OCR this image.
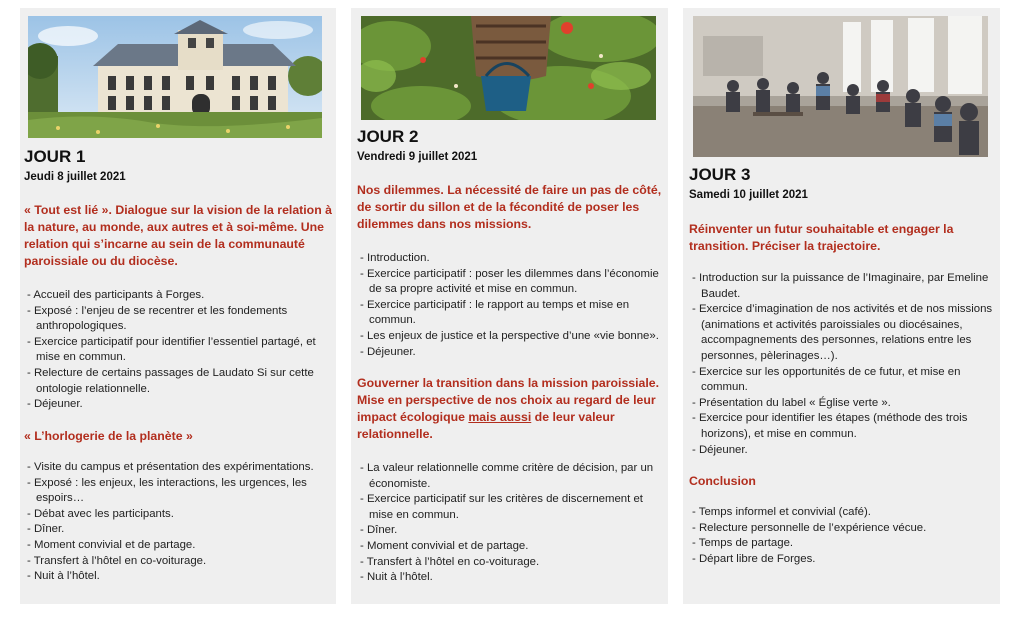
JOUR 1
Jeudi 8 juillet 2021
« Tout est lié ». Dialogue sur la vision de la relation à la nature, au monde, aux autres et à soi-même. Une relation qui s’incarne au sein de la communauté paroissiale ou du diocèse.
- Accueil des participants à Forges.
- Exposé : l’enjeu de se recentrer et les fondements anthropologiques.
- Exercice participatif pour identifier l’essentiel partagé, et mise en commun.
- Relecture de certains passages de Laudato Si sur cette ontologie relationnelle.
- Déjeuner.
« L’horlogerie de la planète »
- Visite du campus et présentation des expérimentations.
- Exposé : les enjeux, les interactions, les urgences, les espoirs…
- Débat avec les participants.
- Dîner.
- Moment convivial et de partage.
- Transfert à l’hôtel en co-voiturage.
- Nuit à l’hôtel.
JOUR 2
Vendredi 9 juillet 2021
Nos dilemmes. La nécessité de faire un pas de côté, de sortir du sillon et de la fécondité de poser les dilemmes dans nos missions.
- Introduction.
- Exercice participatif : poser les dilemmes dans l’économie de sa propre activité et mise en commun.
- Exercice participatif : le rapport au temps et mise en commun.
- Les enjeux de justice et la perspective d’une «vie bonne».
- Déjeuner.
Gouverner la transition dans la mission paroissiale. Mise en perspective de nos choix au regard de leur impact écologique mais aussi de leur valeur relationnelle.
- La valeur relationnelle comme critère de décision, par un économiste.
- Exercice participatif sur les critères de discernement et mise en commun.
- Dîner.
- Moment convivial et de partage.
- Transfert à l’hôtel en co-voiturage.
- Nuit à l’hôtel.
JOUR 3
Samedi 10 juillet 2021
Réinventer un futur souhaitable et engager la transition. Préciser la trajectoire.
- Introduction sur la puissance de l’Imaginaire, par Emeline Baudet.
- Exercice d’imagination de nos activités et de nos missions (animations et activités paroissiales ou diocésaines, accompagnements des personnes, relations entre les personnes, pèlerinages…).
- Exercice sur les opportunités de ce futur, et mise en commun.
- Présentation du label « Église verte ».
- Exercice pour identifier les étapes (méthode des trois horizons), et mise en commun.
- Déjeuner.
Conclusion
- Temps informel et convivial (café).
- Relecture personnelle de l’expérience vécue.
- Temps de partage.
- Départ libre de Forges.
